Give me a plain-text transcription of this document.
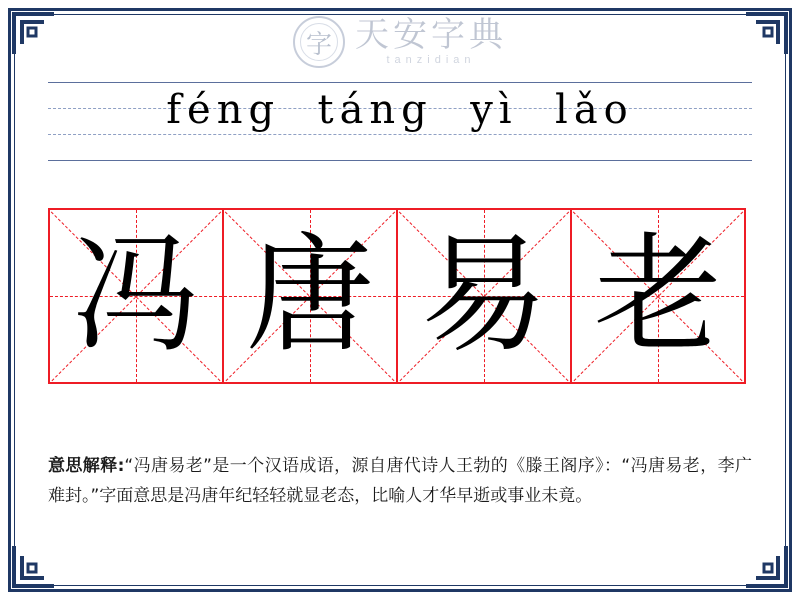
字 天安字典
tanzidian
féng  táng  yì  lǎo
冯 唐 易 老
意思解释:“冯唐易老”是一个汉语成语，源自唐代诗人王勃的《滕王阁序》：“冯唐易老，李广难封。”字面意思是冯唐年纪轻轻就显老态，比喻人才华早逝或事业未竟。
